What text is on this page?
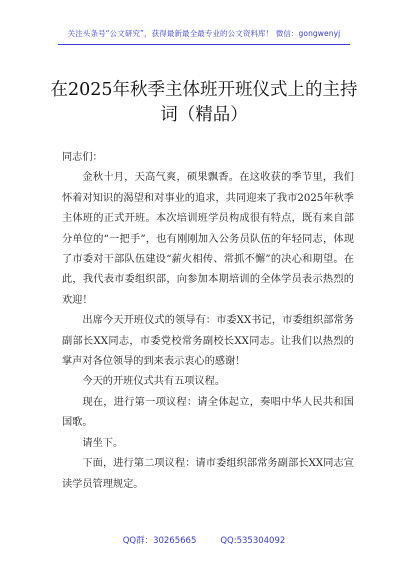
关注头条号“公文研究”，获得最新最全最专业的公文资料库！ 微信：gongwenyj
在2025年秋季主体班开班仪式上的主持词（精品）

同志们：

金秋十月，天高气爽，硕果飘香。在这收获的季节里，我们怀着对知识的渴望和对事业的追求，共同迎来了我市2025年秋季主体班的正式开班。本次培训班学员构成很有特点，既有来自部分单位的“一把手”，也有刚刚加入公务员队伍的年轻同志，体现了市委对干部队伍建设“薪火相传、常抓不懈”的决心和期望。在此，我代表市委组织部，向参加本期培训的全体学员表示热烈的欢迎！

出席今天开班仪式的领导有：市委XX书记，市委组织部常务副部长XX同志，市委党校常务副校长XX同志。让我们以热烈的掌声对各位领导的到来表示衷心的感谢！

今天的开班仪式共有五项议程。

现在，进行第一项议程：请全体起立，奏唱中华人民共和国国歌。

请坐下。

下面，进行第二项议程：请市委组织部常务副部长XX同志宣读学员管理规定。

QQ群：30265665	QQ:535304092
